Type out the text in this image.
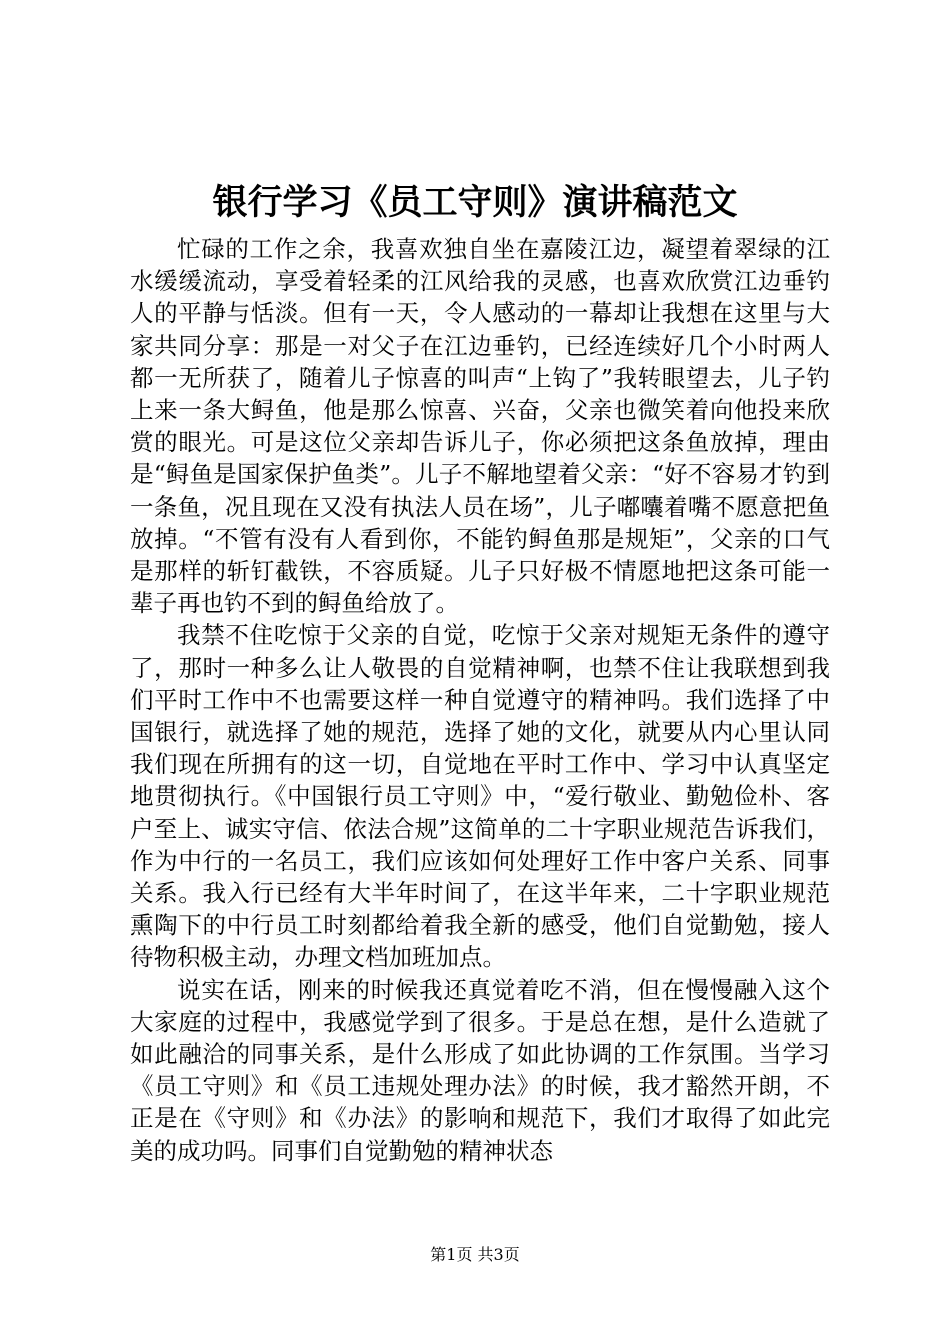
银行学习《员工守则》演讲稿范文

忙碌的工作之余，我喜欢独自坐在嘉陵江边，凝望着翠绿的江水缓缓流动，享受着轻柔的江风给我的灵感，也喜欢欣赏江边垂钓人的平静与恬淡。但有一天，令人感动的一幕却让我想在这里与大家共同分享：那是一对父子在江边垂钓，已经连续好几个小时两人都一无所获了，随着儿子惊喜的叫声“上钩了”我转眼望去，儿子钓上来一条大鲟鱼，他是那么惊喜、兴奋，父亲也微笑着向他投来欣赏的眼光。可是这位父亲却告诉儿子，你必须把这条鱼放掉，理由是“鲟鱼是国家保护鱼类”。儿子不解地望着父亲：“好不容易才钓到一条鱼，况且现在又没有执法人员在场”，儿子嘟囔着嘴不愿意把鱼放掉。“不管有没有人看到你，不能钓鲟鱼那是规矩”，父亲的口气是那样的斩钉截铁，不容质疑。儿子只好极不情愿地把这条可能一辈子再也钓不到的鲟鱼给放了。

我禁不住吃惊于父亲的自觉，吃惊于父亲对规矩无条件的遵守了，那时一种多么让人敬畏的自觉精神啊，也禁不住让我联想到我们平时工作中不也需要这样一种自觉遵守的精神吗。我们选择了中国银行，就选择了她的规范，选择了她的文化，就要从内心里认同我们现在所拥有的这一切，自觉地在平时工作中、学习中认真坚定地贯彻执行。《中国银行员工守则》中，“爱行敬业、勤勉俭朴、客户至上、诚实守信、依法合规”这简单的二十字职业规范告诉我们，作为中行的一名员工，我们应该如何处理好工作中客户关系、同事关系。我入行已经有大半年时间了，在这半年来，二十字职业规范熏陶下的中行员工时刻都给着我全新的感受，他们自觉勤勉，接人待物积极主动，办理文档加班加点。

说实在话，刚来的时候我还真觉着吃不消，但在慢慢融入这个大家庭的过程中，我感觉学到了很多。于是总在想，是什么造就了如此融洽的同事关系，是什么形成了如此协调的工作氛围。当学习《员工守则》和《员工违规处理办法》的时候，我才豁然开朗，不正是在《守则》和《办法》的影响和规范下，我们才取得了如此完美的成功吗。同事们自觉勤勉的精神状态

第1页 共3页
